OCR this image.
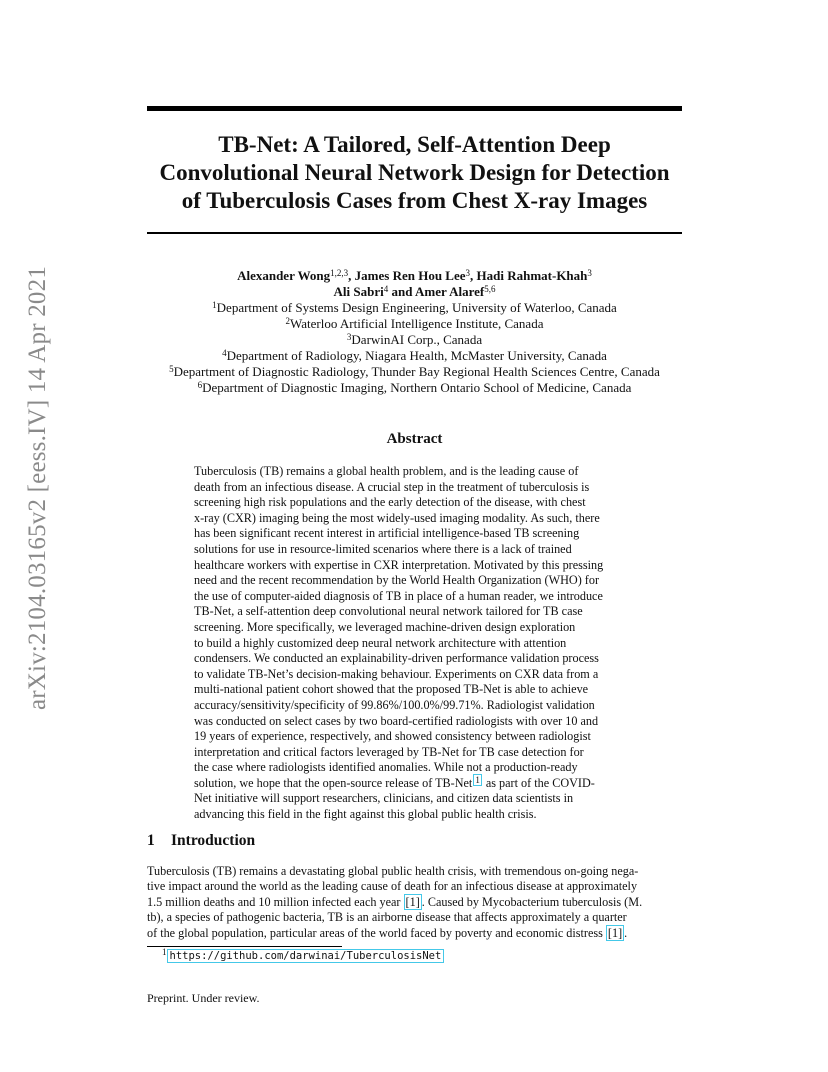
arXiv:2104.03165v2 [eess.IV] 14 Apr 2021
TB-Net: A Tailored, Self-Attention Deep
Convolutional Neural Network Design for Detection
of Tuberculosis Cases from Chest X-ray Images
Alexander Wong$^{1,2,3}$, James Ren Hou Lee$^3$, Hadi Rahmat-Khah$^3$
Ali Sabri$^4$ and Amer Alaref$^{5,6}$
$^1$Department of Systems Design Engineering, University of Waterloo, Canada
$^2$Waterloo Artificial Intelligence Institute, Canada
$^3$DarwinAI Corp., Canada
$^4$Department of Radiology, Niagara Health, McMaster University, Canada
$^5$Department of Diagnostic Radiology, Thunder Bay Regional Health Sciences Centre, Canada
$^6$Department of Diagnostic Imaging, Northern Ontario School of Medicine, Canada
Abstract
Tuberculosis (TB) remains a global health problem, and is the leading cause of
death from an infectious disease. A crucial step in the treatment of tuberculosis is
screening high risk populations and the early detection of the disease, with chest
x-ray (CXR) imaging being the most widely-used imaging modality. As such, there
has been significant recent interest in artificial intelligence-based TB screening
solutions for use in resource-limited scenarios where there is a lack of trained
healthcare workers with expertise in CXR interpretation. Motivated by this pressing
need and the recent recommendation by the World Health Organization (WHO) for
the use of computer-aided diagnosis of TB in place of a human reader, we introduce
TB-Net, a self-attention deep convolutional neural network tailored for TB case
screening. More specifically, we leveraged machine-driven design exploration
to build a highly customized deep neural network architecture with attention
condensers. We conducted an explainability-driven performance validation process
to validate TB-Net’s decision-making behaviour. Experiments on CXR data from a
multi-national patient cohort showed that the proposed TB-Net is able to achieve
accuracy/sensitivity/specificity of 99.86%/100.0%/99.71%. Radiologist validation
was conducted on select cases by two board-certified radiologists with over 10 and
19 years of experience, respectively, and showed consistency between radiologist
interpretation and critical factors leveraged by TB-Net for TB case detection for
the case where radiologists identified anomalies. While not a production-ready
solution, we hope that the open-source release of TB-Net $^1$ as part of the COVID-
Net initiative will support researchers, clinicians, and citizen data scientists in
advancing this field in the fight against this global public health crisis.
1 Introduction
Tuberculosis (TB) remains a devastating global public health crisis, with tremendous on-going nega-
tive impact around the world as the leading cause of death for an infectious disease at approximately
1.5 million deaths and 10 million infected each year [1] . Caused by Mycobacterium tuberculosis (M.
tb), a species of pathogenic bacteria, TB is an airborne disease that affects approximately a quarter
of the global population, particular areas of the world faced by poverty and economic distress [1] .
$^1$ https://github.com/darwinai/TuberculosisNet
Preprint. Under review.
